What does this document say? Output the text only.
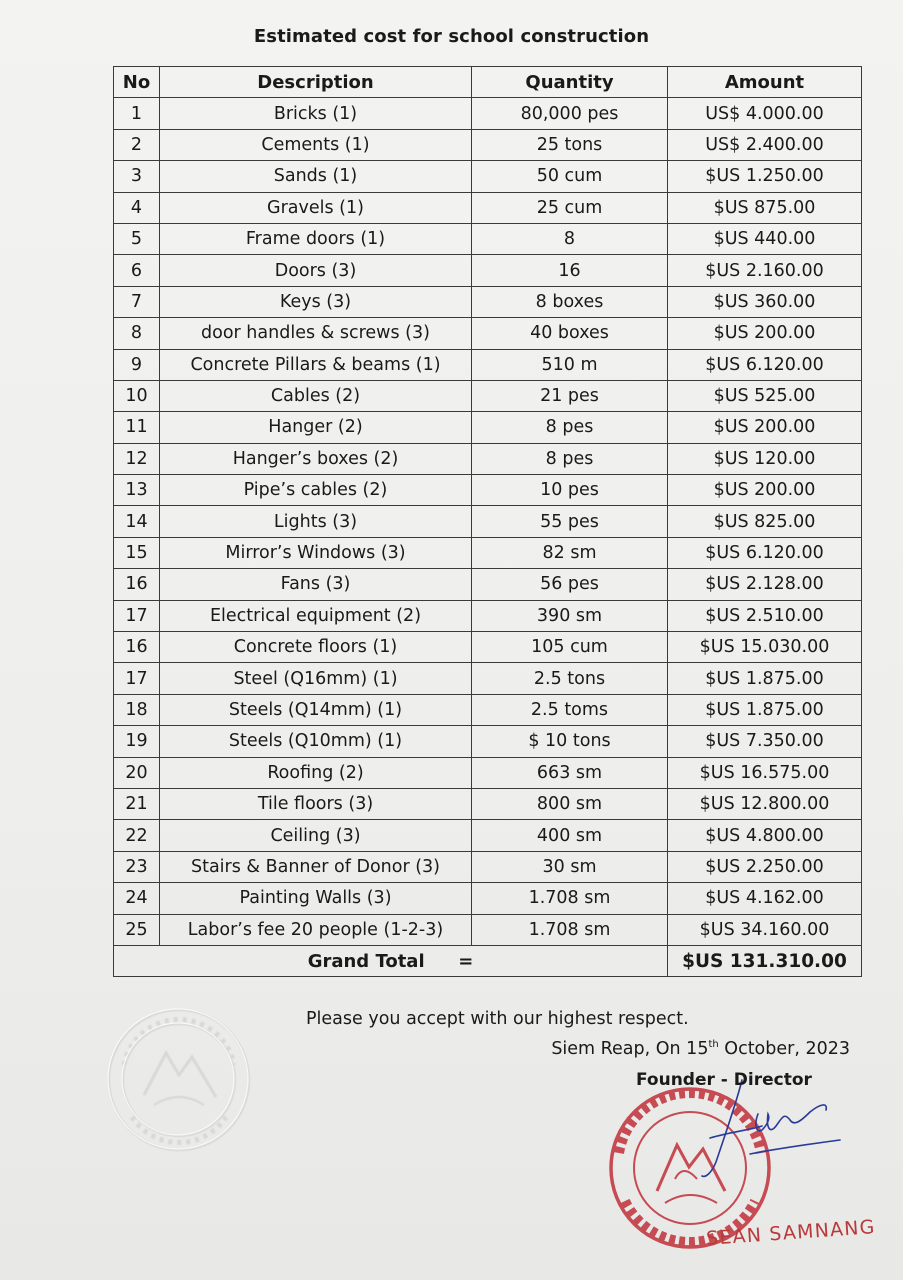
Estimated cost for school construction
No	Description	Quantity	Amount
1	Bricks (1)	80,000 pes	US$ 4.000.00
2	Cements (1)	25 tons	US$ 2.400.00
3	Sands (1)	50 cum	$US 1.250.00
4	Gravels (1)	25 cum	$US 875.00
5	Frame doors (1)	8	$US 440.00
6	Doors (3)	16	$US 2.160.00
7	Keys (3)	8 boxes	$US 360.00
8	door handles & screws (3)	40 boxes	$US 200.00
9	Concrete Pillars & beams (1)	510 m	$US 6.120.00
10	Cables (2)	21 pes	$US 525.00
11	Hanger (2)	8 pes	$US 200.00
12	Hanger’s boxes (2)	8 pes	$US 120.00
13	Pipe’s cables (2)	10 pes	$US 200.00
14	Lights (3)	55 pes	$US 825.00
15	Mirror’s Windows (3)	82 sm	$US 6.120.00
16	Fans (3)	56 pes	$US 2.128.00
17	Electrical equipment (2)	390 sm	$US 2.510.00
16	Concrete floors (1)	105 cum	$US 15.030.00
17	Steel (Q16mm) (1)	2.5 tons	$US 1.875.00
18	Steels (Q14mm) (1)	2.5 toms	$US 1.875.00
19	Steels (Q10mm) (1)	$ 10 tons	$US 7.350.00
20	Roofing (2)	663 sm	$US 16.575.00
21	Tile floors (3)	800 sm	$US 12.800.00
22	Ceiling (3)	400 sm	$US 4.800.00
23	Stairs & Banner of Donor (3)	30 sm	$US 2.250.00
24	Painting Walls (3)	1.708 sm	$US 4.162.00
25	Labor’s fee 20 people (1-2-3)	1.708 sm	$US 34.160.00
Grand Total =			$US 131.310.00
Please you accept with our highest respect.
Siem Reap, On 15th October, 2023
Founder - Director
SEAN SAMNANG
